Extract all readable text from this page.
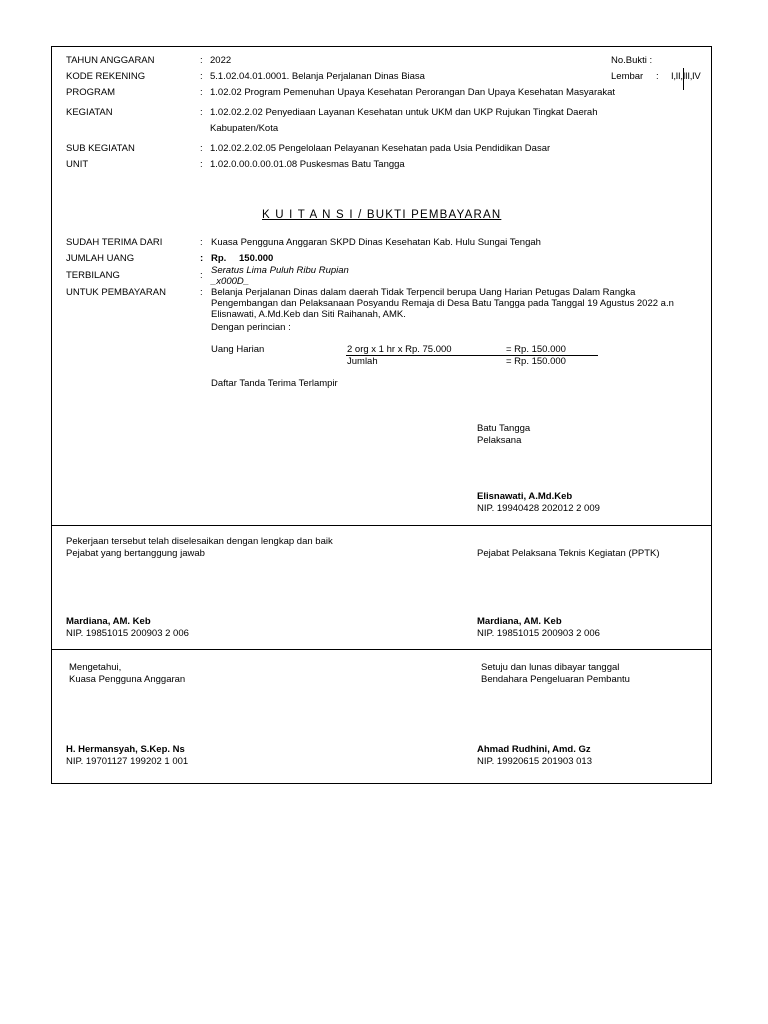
TAHUN ANGGARAN	: 2022	No.Bukti :
KODE REKENING	: 5.1.02.04.01.0001. Belanja Perjalanan Dinas Biasa	Lembar : I,II,III,IV
PROGRAM	: 1.02.02 Program Pemenuhan Upaya Kesehatan Perorangan Dan Upaya Kesehatan Masyarakat
KEGIATAN	: 1.02.02.2.02 Penyediaan Layanan Kesehatan untuk UKM dan UKP Rujukan Tingkat Daerah
Kabupaten/Kota
SUB KEGIATAN	: 1.02.02.2.02.05 Pengelolaan Pelayanan Kesehatan pada Usia Pendidikan Dasar
UNIT	: 1.02.0.00.0.00.01.08 Puskesmas Batu Tangga
K U I T A N S I / BUKTI PEMBAYARAN
SUDAH TERIMA DARI	: Kuasa Pengguna Anggaran SKPD Dinas Kesehatan Kab. Hulu Sungai Tengah
JUMLAH UANG	: Rp. 150.000
TERBILANG	: Seratus Lima Puluh Ribu Rupian
_x000D_
UNTUK PEMBAYARAN	: Belanja Perjalanan Dinas dalam daerah Tidak Terpencil berupa Uang Harian Petugas Dalam Rangka Pengembangan dan Pelaksanaan Posyandu Remaja di Desa Batu Tangga pada Tanggal 19 Agustus 2022 a.n Elisnawati, A.Md.Keb dan Siti Raihanah, AMK.
Dengan perincian :
Uang Harian	2 org x 1 hr x Rp. 75.000	= Rp. 150.000
Jumlah	= Rp. 150.000
Daftar Tanda Terima Terlampir
Batu Tangga
Pelaksana
Elisnawati, A.Md.Keb
NIP. 19940428 202012 2 009
Pekerjaan tersebut telah diselesaikan dengan lengkap dan baik
Pejabat yang bertanggung jawab	Pejabat Pelaksana Teknis Kegiatan (PPTK)
Mardiana, AM. Keb
NIP. 19851015 200903 2 006
Mardiana, AM. Keb
NIP. 19851015 200903 2 006
Mengetahui,
Kuasa Pengguna Anggaran
Setuju dan lunas dibayar tanggal
Bendahara Pengeluaran Pembantu
H. Hermansyah, S.Kep. Ns
NIP. 19701127 199202 1 001
Ahmad Rudhini, Amd. Gz
NIP. 19920615 201903 013
